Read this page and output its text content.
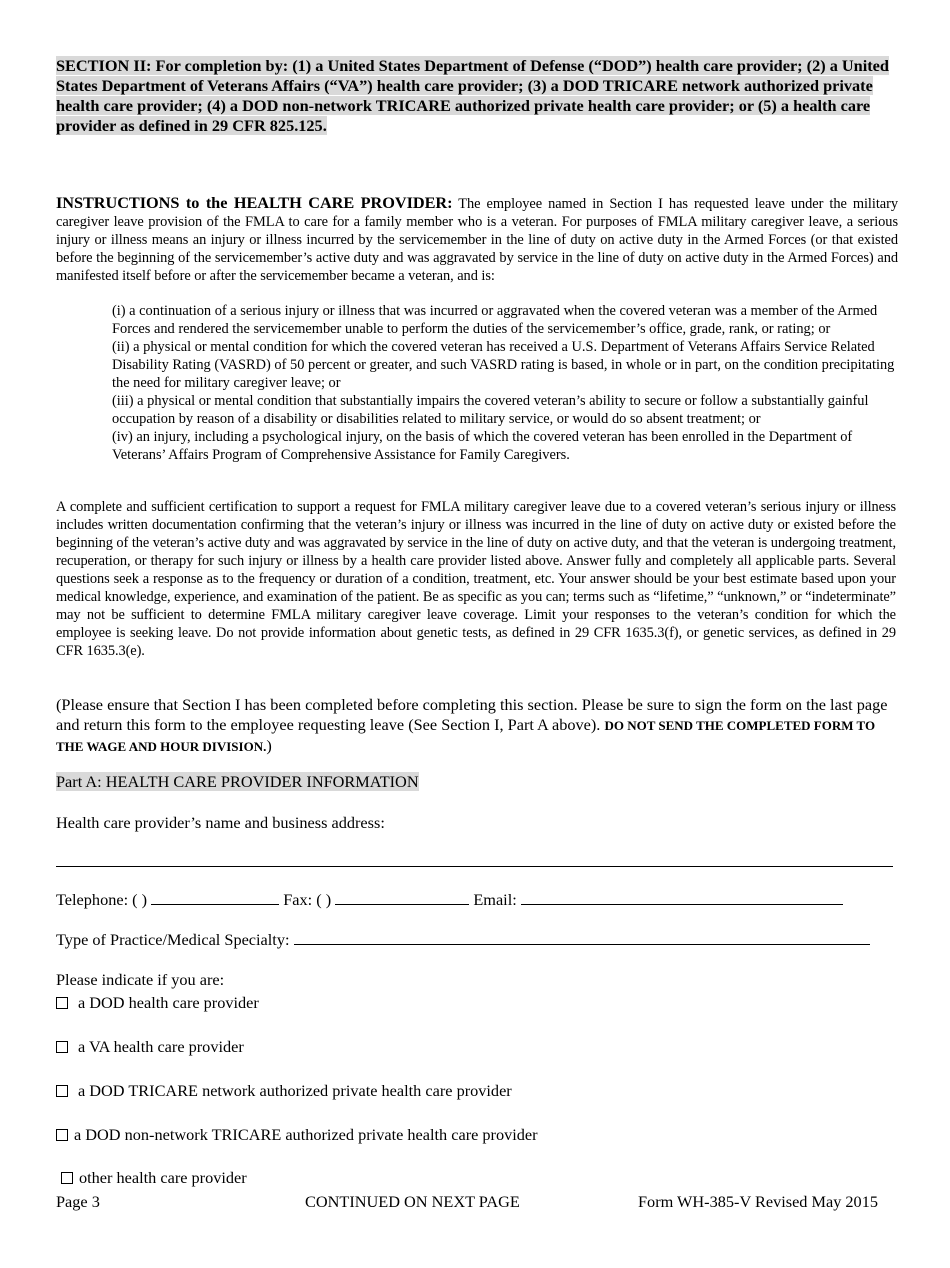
SECTION II: For completion by: (1) a United States Department of Defense (“DOD”) health care provider; (2) a United States Department of Veterans Affairs (“VA”) health care provider; (3) a DOD TRICARE network authorized private health care provider; (4) a DOD non-network TRICARE authorized private health care provider; or (5) a health care provider as defined in 29 CFR 825.125.
INSTRUCTIONS to the HEALTH CARE PROVIDER: The employee named in Section I has requested leave under the military caregiver leave provision of the FMLA to care for a family member who is a veteran. For purposes of FMLA military caregiver leave, a serious injury or illness means an injury or illness incurred by the servicemember in the line of duty on active duty in the Armed Forces (or that existed before the beginning of the servicemember’s active duty and was aggravated by service in the line of duty on active duty in the Armed Forces) and manifested itself before or after the servicemember became a veteran, and is:

(i) a continuation of a serious injury or illness that was incurred or aggravated when the covered veteran was a member of the Armed Forces and rendered the servicemember unable to perform the duties of the servicemember’s office, grade, rank, or rating; or

(ii) a physical or mental condition for which the covered veteran has received a U.S. Department of Veterans Affairs Service Related Disability Rating (VASRD) of 50 percent or greater, and such VASRD rating is based, in whole or in part, on the condition precipitating the need for military caregiver leave; or

(iii) a physical or mental condition that substantially impairs the covered veteran’s ability to secure or follow a substantially gainful occupation by reason of a disability or disabilities related to military service, or would do so absent treatment; or

(iv) an injury, including a psychological injury, on the basis of which the covered veteran has been enrolled in the Department of Veterans’ Affairs Program of Comprehensive Assistance for Family Caregivers.

A complete and sufficient certification to support a request for FMLA military caregiver leave due to a covered veteran’s serious injury or illness includes written documentation confirming that the veteran’s injury or illness was incurred in the line of duty on active duty or existed before the beginning of the veteran’s active duty and was aggravated by service in the line of duty on active duty, and that the veteran is undergoing treatment, recuperation, or therapy for such injury or illness by a health care provider listed above. Answer fully and completely all applicable parts. Several questions seek a response as to the frequency or duration of a condition, treatment, etc. Your answer should be your best estimate based upon your medical knowledge, experience, and examination of the patient. Be as specific as you can; terms such as “lifetime,” “unknown,” or “indeterminate” may not be sufficient to determine FMLA military caregiver leave coverage. Limit your responses to the veteran’s condition for which the employee is seeking leave. Do not provide information about genetic tests, as defined in 29 CFR 1635.3(f), or genetic services, as defined in 29 CFR 1635.3(e).
(Please ensure that Section I has been completed before completing this section. Please be sure to sign the form on the last page and return this form to the employee requesting leave (See Section I, Part A above). DO NOT SEND THE COMPLETED FORM TO THE WAGE AND HOUR DIVISION.)
Part A: HEALTH CARE PROVIDER INFORMATION
Health care provider’s name and business address:
Telephone: ( )	Fax: ( )	Email:
Type of Practice/Medical Specialty:
Please indicate if you are:
a DOD health care provider
a VA health care provider
a DOD TRICARE network authorized private health care provider
a DOD non-network TRICARE authorized private health care provider
other health care provider
Page 3	CONTINUED ON NEXT PAGE	Form WH-385-V Revised May 2015
